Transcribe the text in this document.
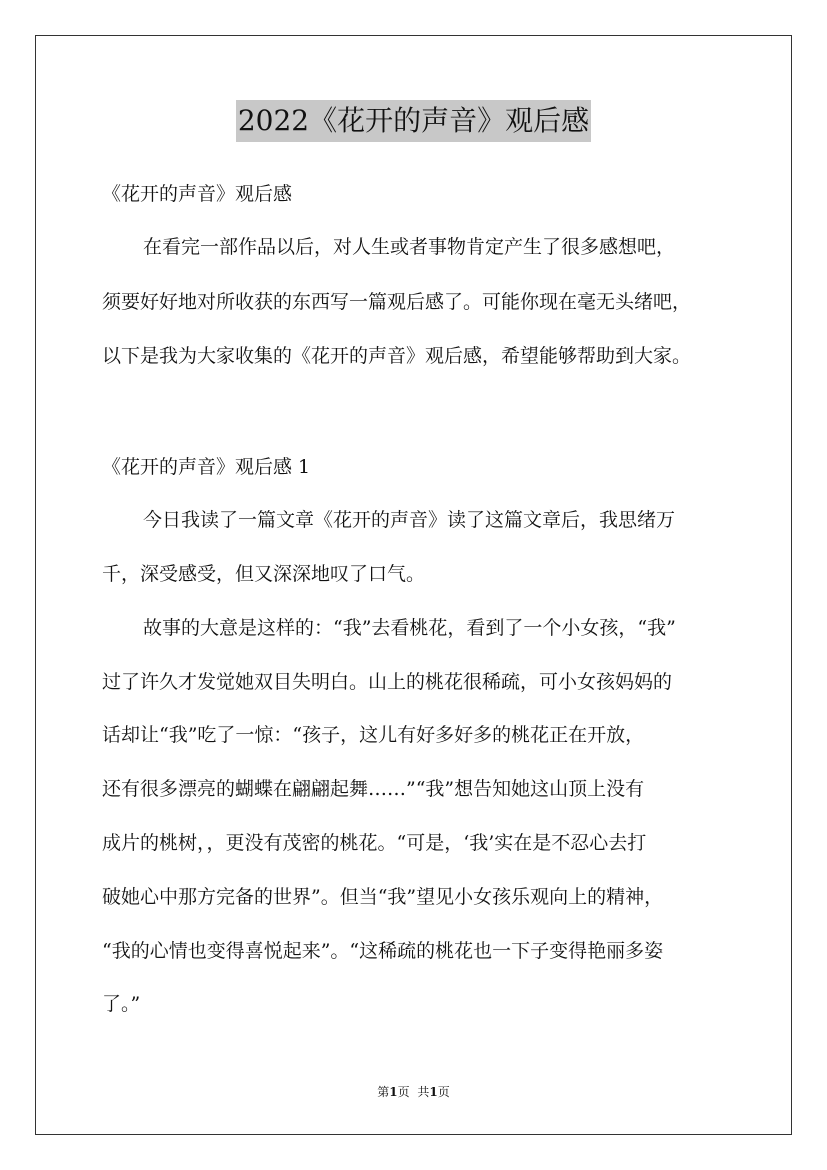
2022《花开的声音》观后感
《花开的声音》观后感
在看完一部作品以后，对人生或者事物肯定产生了很多感想吧，
须要好好地对所收获的东西写一篇观后感了。可能你现在毫无头绪吧，
以下是我为大家收集的《花开的声音》观后感，希望能够帮助到大家。
《花开的声音》观后感 1
今日我读了一篇文章《花开的声音》读了这篇文章后，我思绪万
千，深受感受，但又深深地叹了口气。
故事的大意是这样的：“我”去看桃花，看到了一个小女孩，“我”
过了许久才发觉她双目失明白。山上的桃花很稀疏，可小女孩妈妈的
话却让“我”吃了一惊：“孩子，这儿有好多好多的桃花正在开放，
还有很多漂亮的蝴蝶在翩翩起舞……”“我”想告知她这山顶上没有
成片的桃树，，更没有茂密的桃花。“可是，‘我’实在是不忍心去打
破她心中那方完备的世界”。但当“我”望见小女孩乐观向上的精神，
“我的心情也变得喜悦起来”。“这稀疏的桃花也一下子变得艳丽多姿
了。”
第1页 共1页
